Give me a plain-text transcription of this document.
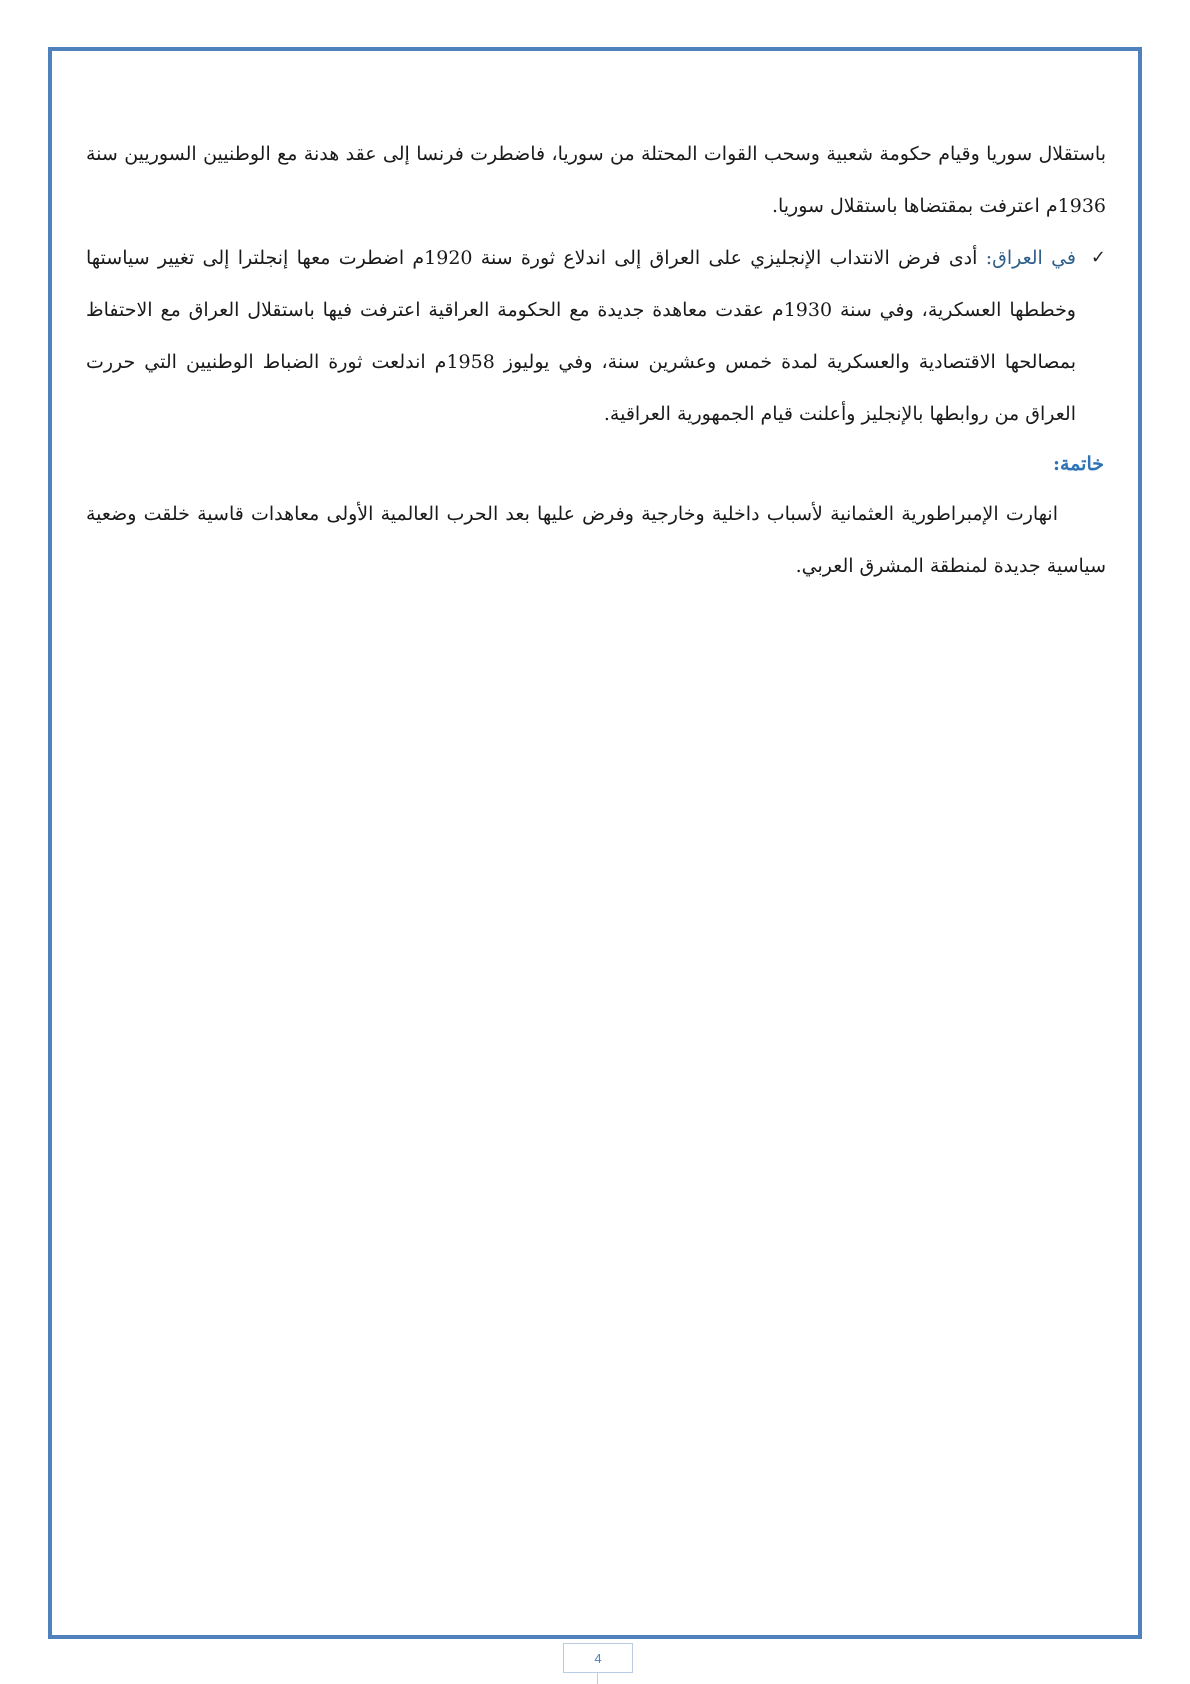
باستقلال سوريا وقيام حكومة شعبية وسحب القوات المحتلة من سوريا، فاضطرت فرنسا إلى عقد هدنة مع الوطنيين السوريين سنة 1936م اعترفت بمقتضاها باستقلال سوريا.

✓
في العراق: أدى فرض الانتداب الإنجليزي على العراق إلى اندلاع ثورة سنة 1920م اضطرت معها إنجلترا إلى تغيير سياستها وخططها العسكرية، وفي سنة 1930م عقدت معاهدة جديدة مع الحكومة العراقية اعترفت فيها باستقلال العراق مع الاحتفاظ بمصالحها الاقتصادية والعسكرية لمدة خمس وعشرين سنة، وفي يوليوز 1958م اندلعت ثورة الضباط الوطنيين التي حررت العراق من روابطها بالإنجليز وأعلنت قيام الجمهورية العراقية.

خاتمة:

انهارت الإمبراطورية العثمانية لأسباب داخلية وخارجية وفرض عليها بعد الحرب العالمية الأولى معاهدات قاسية خلقت وضعية سياسية جديدة لمنطقة المشرق العربي.

4
